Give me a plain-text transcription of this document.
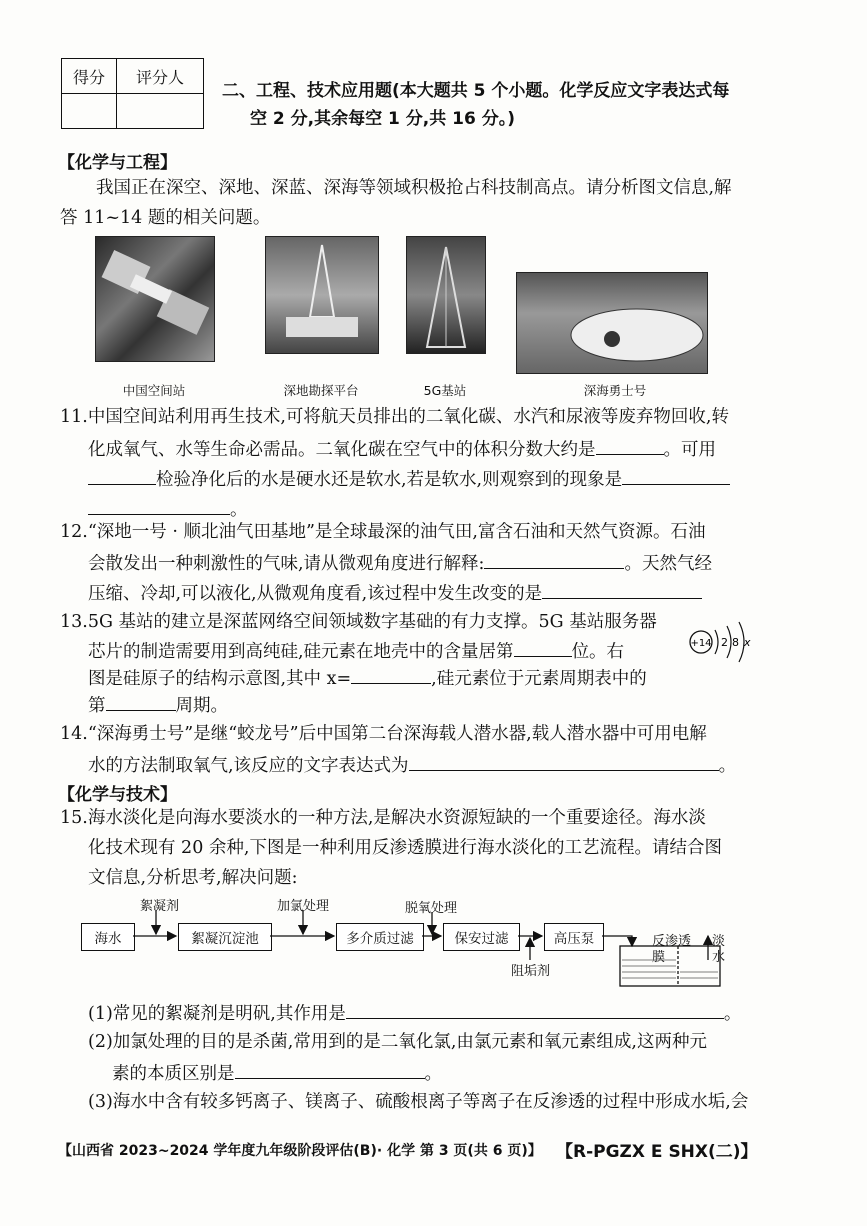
得分	评分人

二、工程、技术应用题(本大题共 5 个小题。化学反应文字表达式每
空 2 分,其余每空 1 分,共 16 分。)
【化学与工程】
我国正在深空、深地、深蓝、深海等领域积极抢占科技制高点。请分析图文信息,解
答 11~14 题的相关问题。
中国空间站	深地勘探平台	5G基站	深海勇士号
11.中国空间站利用再生技术,可将航天员排出的二氧化碳、水汽和尿液等废弃物回收,转
化成氧气、水等生命必需品。二氧化碳在空气中的体积分数大约是	。可用
检验净化后的水是硬水还是软水,若是软水,则观察到的现象是
。
12.“深地一号 · 顺北油气田基地”是全球最深的油气田,富含石油和天然气资源。石油
会散发出一种刺激性的气味,请从微观角度进行解释:	。天然气经
压缩、冷却,可以液化,从微观角度看,该过程中发生改变的是
13.5G 基站的建立是深蓝网络空间领域数字基础的有力支撑。5G 基站服务器
芯片的制造需要用到高纯硅,硅元素在地壳中的含量居第	位。右
图是硅原子的结构示意图,其中 x=	,硅元素位于元素周期表中的
第	周期。
+14 2 8 x
14.“深海勇士号”是继“蛟龙号”后中国第二台深海载人潜水器,载人潜水器中可用电解
水的方法制取氧气,该反应的文字表达式为	。
【化学与技术】
15.海水淡化是向海水要淡水的一种方法,是解决水资源短缺的一个重要途径。海水淡
化技术现有 20 余种,下图是一种利用反渗透膜进行海水淡化的工艺流程。请结合图
文信息,分析思考,解决问题:
海水	絮凝沉淀池	多介质过滤	保安过滤	高压泵
絮凝剂	加氯处理	脱氧处理
阻垢剂
反渗透膜
淡水
(1)常见的絮凝剂是明矾,其作用是	。
(2)加氯处理的目的是杀菌,常用到的是二氧化氯,由氯元素和氧元素组成,这两种元
素的本质区别是	。
(3)海水中含有较多钙离子、镁离子、硫酸根离子等离子在反渗透的过程中形成水垢,会
【山西省 2023~2024 学年度九年级阶段评估(B)· 化学 第 3 页(共 6 页)】 【R-PGZX E SHX(二)】
